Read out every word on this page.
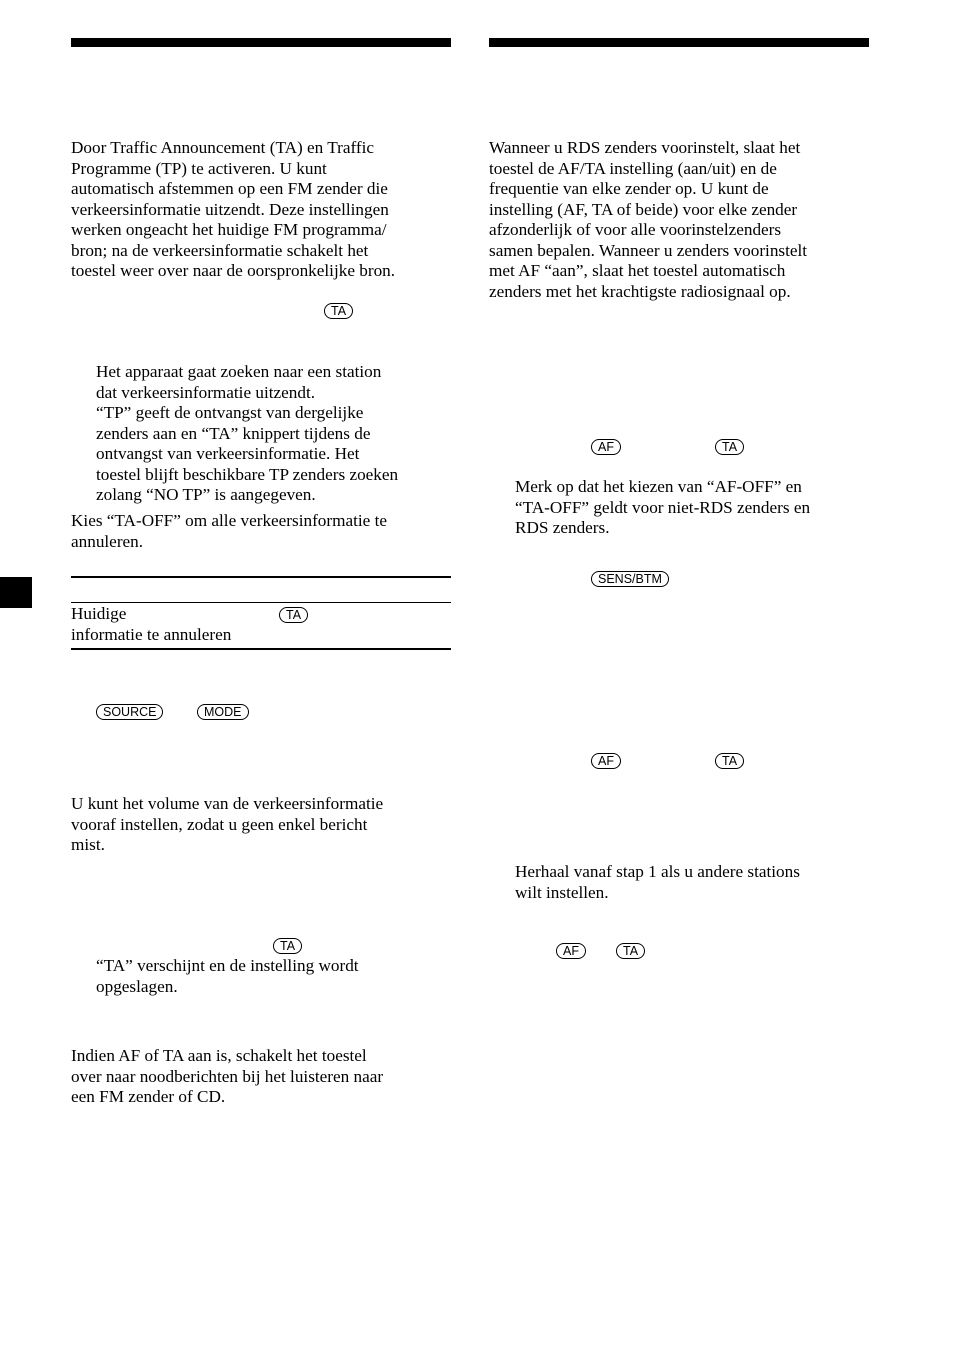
Door Traffic Announcement (TA) en Traffic
Programme (TP) te activeren. U kunt
automatisch afstemmen op een FM zender die
verkeersinformatie uitzendt. Deze instellingen
werken ongeacht het huidige FM programma/
bron; na de verkeersinformatie schakelt het
toestel weer over naar de oorspronkelijke bron.
TA
Het apparaat gaat zoeken naar een station
dat verkeersinformatie uitzendt.
“TP” geeft de ontvangst van dergelijke
zenders aan en “TA” knippert tijdens de
ontvangst van verkeersinformatie. Het
toestel blijft beschikbare TP zenders zoeken
zolang “NO TP” is aangegeven.
Kies “TA-OFF” om alle verkeersinformatie te
annuleren.
Huidige
informatie te annuleren
TA
SOURCE	MODE
U kunt het volume van de verkeersinformatie
vooraf instellen, zodat u geen enkel bericht
mist.
TA
“TA” verschijnt en de instelling wordt
opgeslagen.
Indien AF of TA aan is, schakelt het toestel
over naar noodberichten bij het luisteren naar
een FM zender of CD.
Wanneer u RDS zenders voorinstelt, slaat het
toestel de AF/TA instelling (aan/uit) en de
frequentie van elke zender op. U kunt de
instelling (AF, TA of beide) voor elke zender
afzonderlijk of voor alle voorinstelzenders
samen bepalen. Wanneer u zenders voorinstelt
met AF “aan”, slaat het toestel automatisch
zenders met het krachtigste radiosignaal op.
AF	TA
Merk op dat het kiezen van “AF-OFF” en
“TA-OFF” geldt voor niet-RDS zenders en
RDS zenders.
SENS/BTM
AF	TA
Herhaal vanaf stap 1 als u andere stations
wilt instellen.
AF	TA
